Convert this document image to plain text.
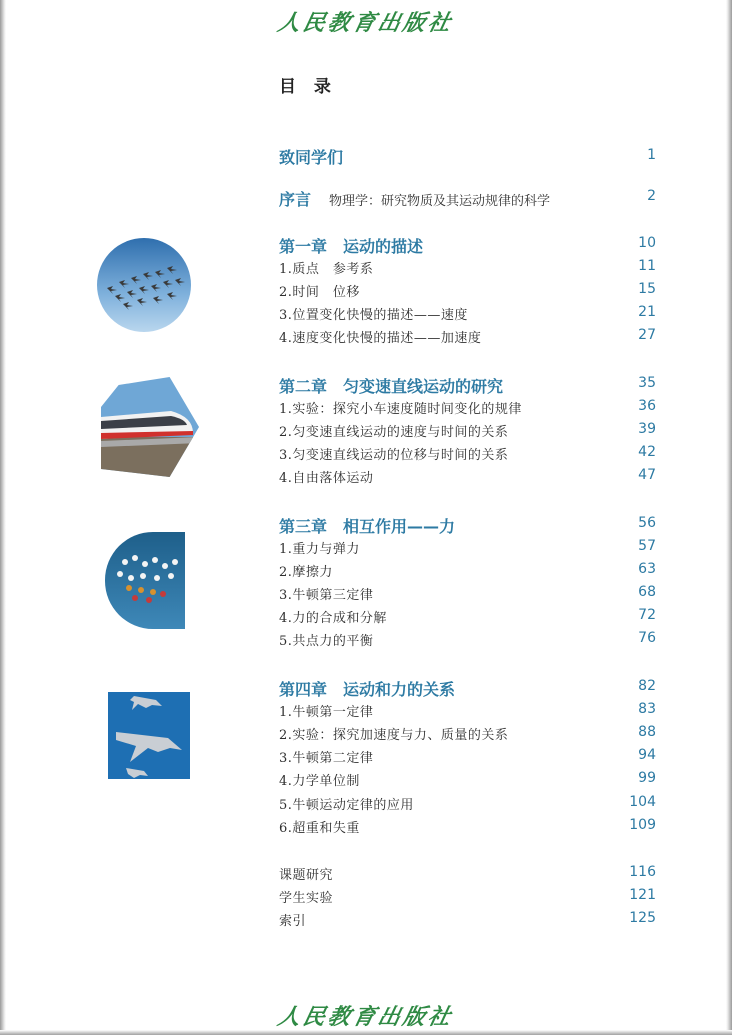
人民教育出版社
目 录
致同学们	1
序言 物理学：研究物质及其运动规律的科学	2
第一章 运动的描述	10
1.质点　参考系	11
2.时间　位移	15
3.位置变化快慢的描述——速度	21
4.速度变化快慢的描述——加速度	27
第二章 匀变速直线运动的研究	35
1.实验：探究小车速度随时间变化的规律	36
2.匀变速直线运动的速度与时间的关系	39
3.匀变速直线运动的位移与时间的关系	42
4.自由落体运动	47
第三章 相互作用——力	56
1.重力与弹力	57
2.摩擦力	63
3.牛顿第三定律	68
4.力的合成和分解	72
5.共点力的平衡	76
第四章 运动和力的关系	82
1.牛顿第一定律	83
2.实验：探究加速度与力、质量的关系	88
3.牛顿第二定律	94
4.力学单位制	99
5.牛顿运动定律的应用	104
6.超重和失重	109
课题研究	116
学生实验	121
索引	125
人民教育出版社
